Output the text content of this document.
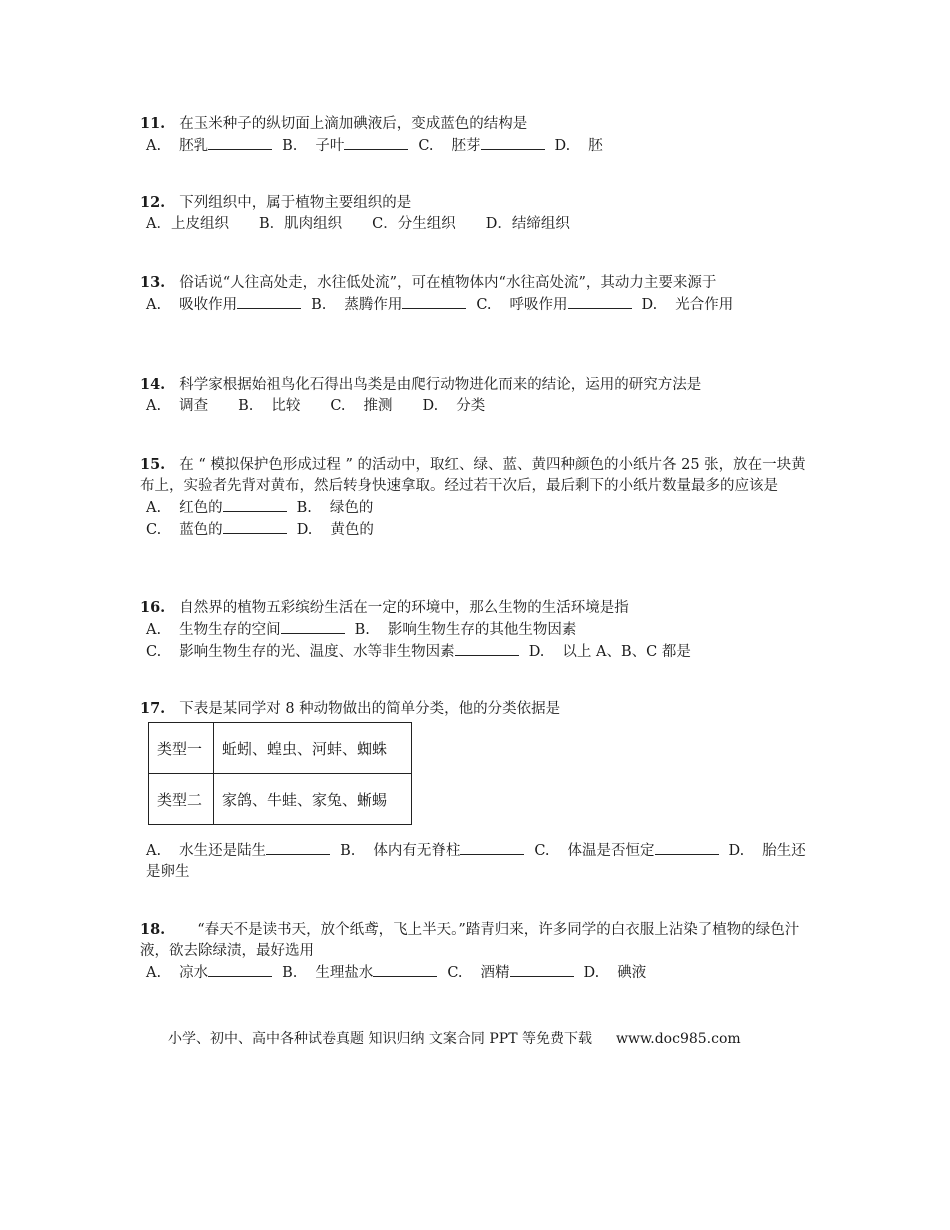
11. 在玉米种子的纵切面上滴加碘液后，变成蓝色的结构是
A. 胚乳	B. 子叶	C. 胚芽	D. 胚
12. 下列组织中，属于植物主要组织的是
A．上皮组织 B．肌肉组织 C．分生组织 D．结缔组织
13. 俗话说“人往高处走，水往低处流”，可在植物体内“水往高处流”，其动力主要来源于
A. 吸收作用	B. 蒸腾作用	C. 呼吸作用	D. 光合作用
14. 科学家根据始祖鸟化石得出鸟类是由爬行动物进化而来的结论，运用的研究方法是
A. 调查 B. 比较 C. 推测 D. 分类
15. 在 “ 模拟保护色形成过程 ” 的活动中，取红、绿、蓝、黄四种颜色的小纸片各 25 张，放在一块黄布上，实验者先背对黄布，然后转身快速拿取。经过若干次后，最后剩下的小纸片数量最多的应该是
A. 红色的	B. 绿色的
C. 蓝色的	D. 黄色的
16. 自然界的植物五彩缤纷生活在一定的环境中，那么生物的生活环境是指
A. 生物生存的空间	B. 影响生物生存的其他生物因素
C. 影响生物生存的光、温度、水等非生物因素	D. 以上 A、B、C 都是
17. 下表是某同学对 8 种动物做出的简单分类，他的分类依据是
类型一	蚯蚓、蝗虫、河蚌、蜘蛛
类型二	家鸽、牛蛙、家兔、蜥蜴
A. 水生还是陆生	B. 体内有无脊柱	C. 体温是否恒定	D. 胎生还是卵生
18. “春天不是读书天，放个纸鸢，飞上半天。”踏青归来，许多同学的白衣服上沾染了植物的绿色汁液，欲去除绿渍，最好选用
A. 凉水	B. 生理盐水	C. 酒精	D. 碘液
小学、初中、高中各种试卷真题 知识归纳 文案合同 PPT 等免费下载 www.doc985.com
